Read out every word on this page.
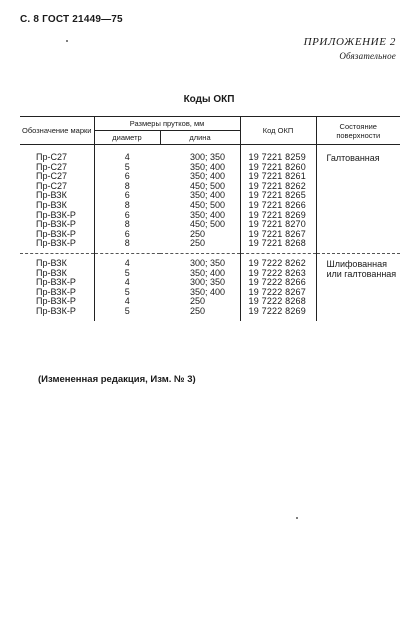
С. 8 ГОСТ 21449—75
ПРИЛОЖЕНИЕ 2
Обязательное
Коды ОКП
Обозначение марки	Размеры прутков, мм		Код ОКП	Состояние поверхности
	диаметр	длина		
Пр-С27	4	300; 350	19 7221 8259	Галтованная
Пр-С27	5	350; 400	19 7221 8260	
Пр-С27	6	350; 400	19 7221 8261	
Пр-С27	8	450; 500	19 7221 8262	
Пр-ВЗК	6	350; 400	19 7221 8265	
Пр-ВЗК	8	450; 500	19 7221 8266	
Пр-ВЗК-Р	6	350; 400	19 7221 8269	
Пр-ВЗК-Р	8	450; 500	19 7221 8270	
Пр-ВЗК-Р	6	250	19 7221 8267	
Пр-ВЗК-Р	8	250	19 7221 8268	
Пр-ВЗК	4	300; 350	19 7222 8262	Шлифованная или галтованная
Пр-ВЗК	5	350; 400	19 7222 8263	
Пр-ВЗК-Р	4	300; 350	19 7222 8266	
Пр-ВЗК-Р	5	350; 400	19 7222 8267	
Пр-ВЗК-Р	4	250	19 7222 8268	
Пр-ВЗК-Р	5	250	19 7222 8269	
(Измененная редакция, Изм. № 3)
